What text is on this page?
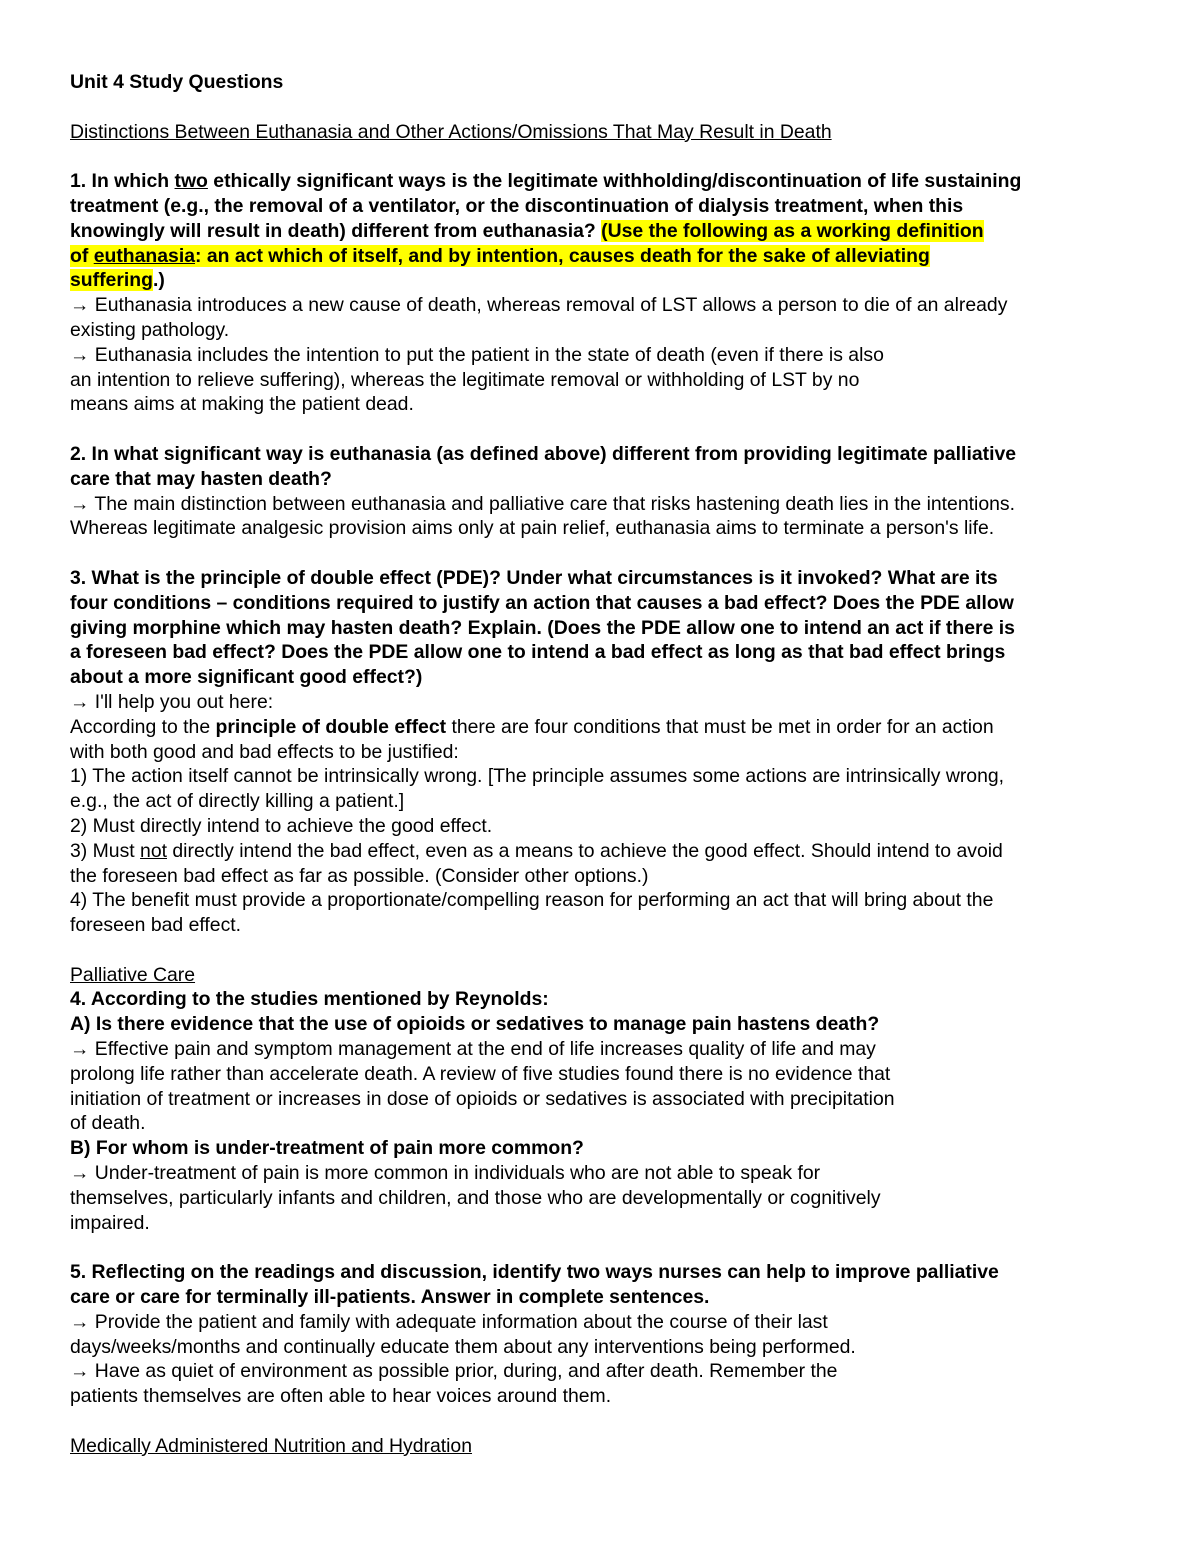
Unit 4 Study Questions
Distinctions Between Euthanasia and Other Actions/Omissions That May Result in Death
1. In which two ethically significant ways is the legitimate withholding/discontinuation of life sustaining
treatment (e.g., the removal of a ventilator, or the discontinuation of dialysis treatment, when this
knowingly will result in death) different from euthanasia? (Use the following as a working definition
of euthanasia: an act which of itself, and by intention, causes death for the sake of alleviating
suffering.)
→ Euthanasia introduces a new cause of death, whereas removal of LST allows a person to die of an already
existing pathology.
→ Euthanasia includes the intention to put the patient in the state of death (even if there is also
an intention to relieve suffering), whereas the legitimate removal or withholding of LST by no
means aims at making the patient dead.
2. In what significant way is euthanasia (as defined above) different from providing legitimate palliative
care that may hasten death?
→ The main distinction between euthanasia and palliative care that risks hastening death lies in the intentions.
Whereas legitimate analgesic provision aims only at pain relief, euthanasia aims to terminate a person's life.
3. What is the principle of double effect (PDE)? Under what circumstances is it invoked? What are its
four conditions – conditions required to justify an action that causes a bad effect? Does the PDE allow
giving morphine which may hasten death? Explain. (Does the PDE allow one to intend an act if there is
a foreseen bad effect? Does the PDE allow one to intend a bad effect as long as that bad effect brings
about a more significant good effect?)
→ I'll help you out here:
According to the principle of double effect there are four conditions that must be met in order for an action
with both good and bad effects to be justified:
1) The action itself cannot be intrinsically wrong. [The principle assumes some actions are intrinsically wrong,
e.g., the act of directly killing a patient.]
2) Must directly intend to achieve the good effect.
3) Must not directly intend the bad effect, even as a means to achieve the good effect. Should intend to avoid
the foreseen bad effect as far as possible. (Consider other options.)
4) The benefit must provide a proportionate/compelling reason for performing an act that will bring about the
foreseen bad effect.
Palliative Care
4. According to the studies mentioned by Reynolds:
A) Is there evidence that the use of opioids or sedatives to manage pain hastens death?
→ Effective pain and symptom management at the end of life increases quality of life and may
prolong life rather than accelerate death. A review of five studies found there is no evidence that
initiation of treatment or increases in dose of opioids or sedatives is associated with precipitation
of death.
B) For whom is under-treatment of pain more common?
→ Under-treatment of pain is more common in individuals who are not able to speak for
themselves, particularly infants and children, and those who are developmentally or cognitively
impaired.
5. Reflecting on the readings and discussion, identify two ways nurses can help to improve palliative
care or care for terminally ill-patients. Answer in complete sentences.
→ Provide the patient and family with adequate information about the course of their last
days/weeks/months and continually educate them about any interventions being performed.
→ Have as quiet of environment as possible prior, during, and after death. Remember the
patients themselves are often able to hear voices around them.
Medically Administered Nutrition and Hydration
